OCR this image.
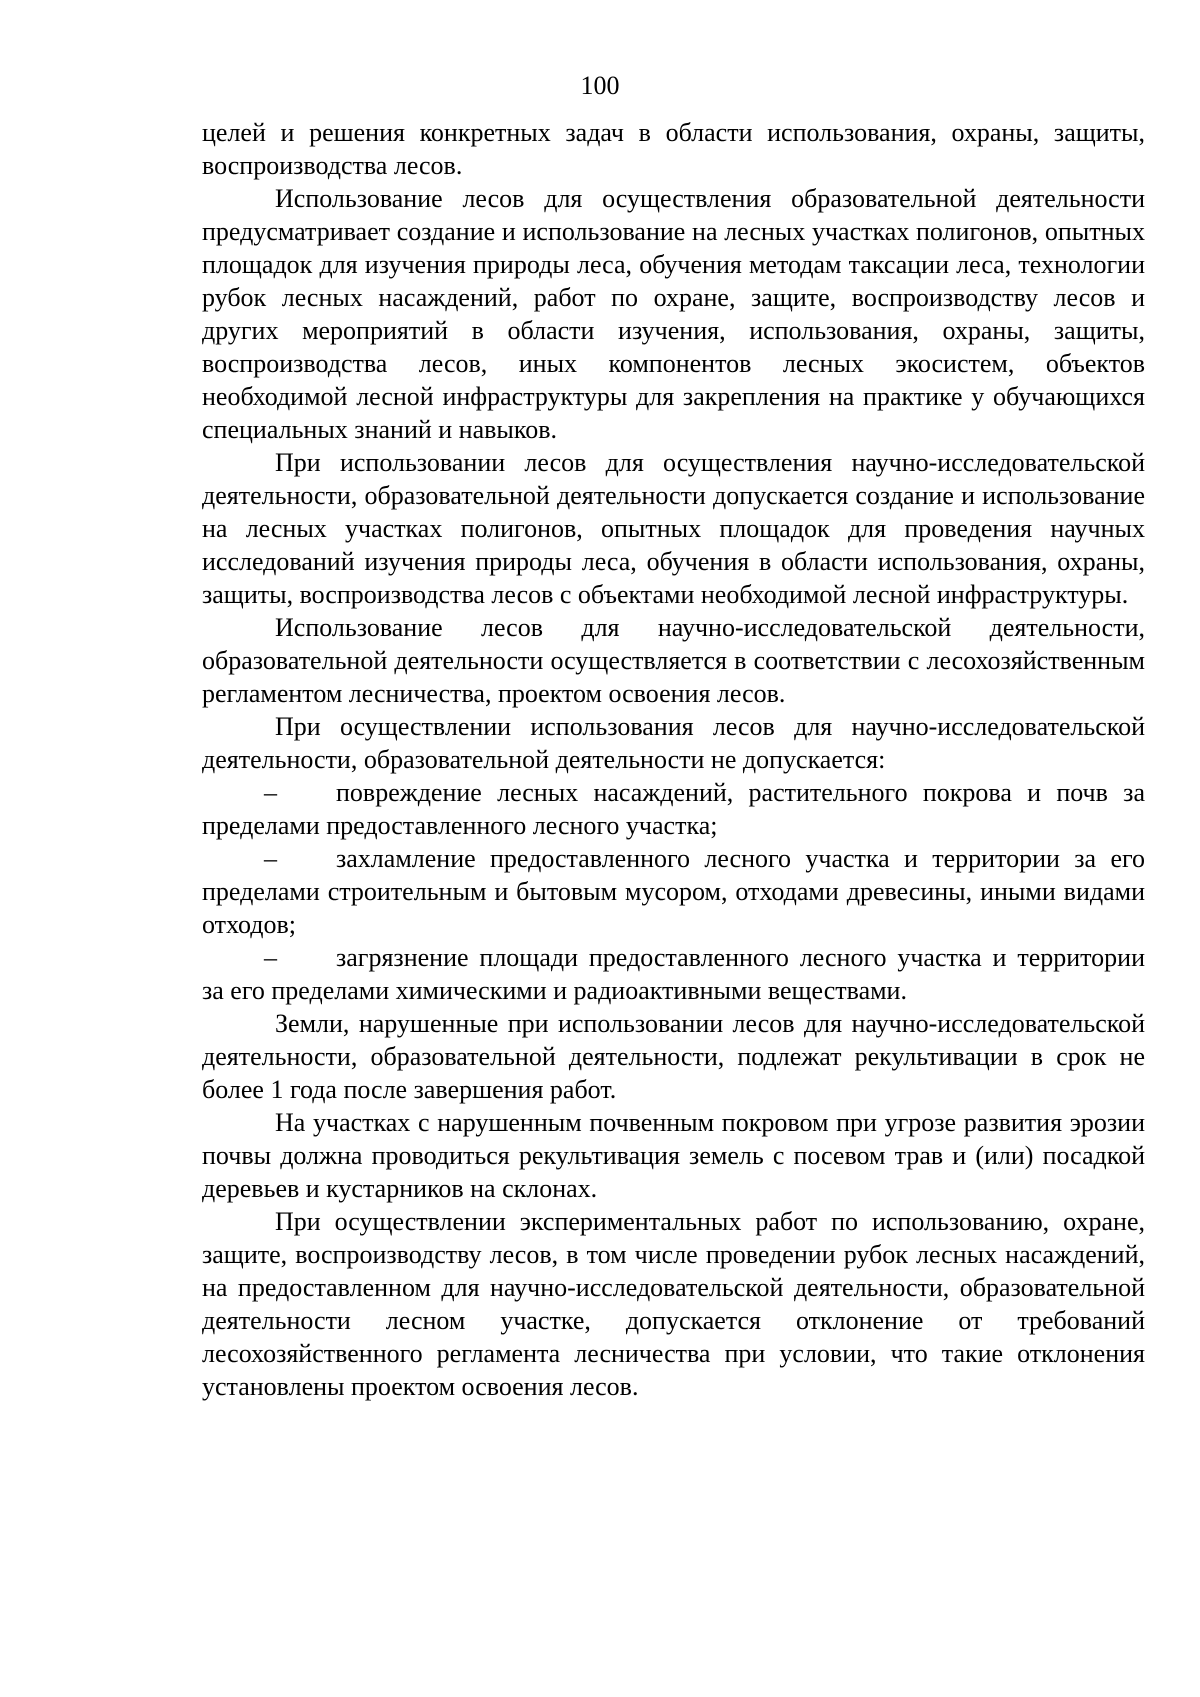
100

целей и решения конкретных задач в области использования, охраны, защиты, воспроизводства лесов.

Использование лесов для осуществления образовательной деятельности предусматривает создание и использование на лесных участках полигонов, опытных площадок для изучения природы леса, обучения методам таксации леса, технологии рубок лесных насаждений, работ по охране, защите, воспроизводству лесов и других мероприятий в области изучения, использования, охраны, защиты, воспроизводства лесов, иных компонентов лесных экосистем, объектов необходимой лесной инфраструктуры для закрепления на практике у обучающихся специальных знаний и навыков.

При использовании лесов для осуществления научно-исследовательской деятельности, образовательной деятельности допускается создание и использование на лесных участках полигонов, опытных площадок для проведения научных исследований изучения природы леса, обучения в области использования, охраны, защиты, воспроизводства лесов с объектами необходимой лесной инфраструктуры.

Использование лесов для научно-исследовательской деятельности, образовательной деятельности осуществляется в соответствии с лесохозяйственным регламентом лесничества, проектом освоения лесов.

При осуществлении использования лесов для научно-исследовательской деятельности, образовательной деятельности не допускается:

– повреждение лесных насаждений, растительного покрова и почв за пределами предоставленного лесного участка;

– захламление предоставленного лесного участка и территории за его пределами строительным и бытовым мусором, отходами древесины, иными видами отходов;

– загрязнение площади предоставленного лесного участка и территории за его пределами химическими и радиоактивными веществами.

Земли, нарушенные при использовании лесов для научно-исследовательской деятельности, образовательной деятельности, подлежат рекультивации в срок не более 1 года после завершения работ.

На участках с нарушенным почвенным покровом при угрозе развития эрозии почвы должна проводиться рекультивация земель с посевом трав и (или) посадкой деревьев и кустарников на склонах.

При осуществлении экспериментальных работ по использованию, охране, защите, воспроизводству лесов, в том числе проведении рубок лесных насаждений, на предоставленном для научно-исследовательской деятельности, образовательной деятельности лесном участке, допускается отклонение от требований лесохозяйственного регламента лесничества при условии, что такие отклонения установлены проектом освоения лесов.
